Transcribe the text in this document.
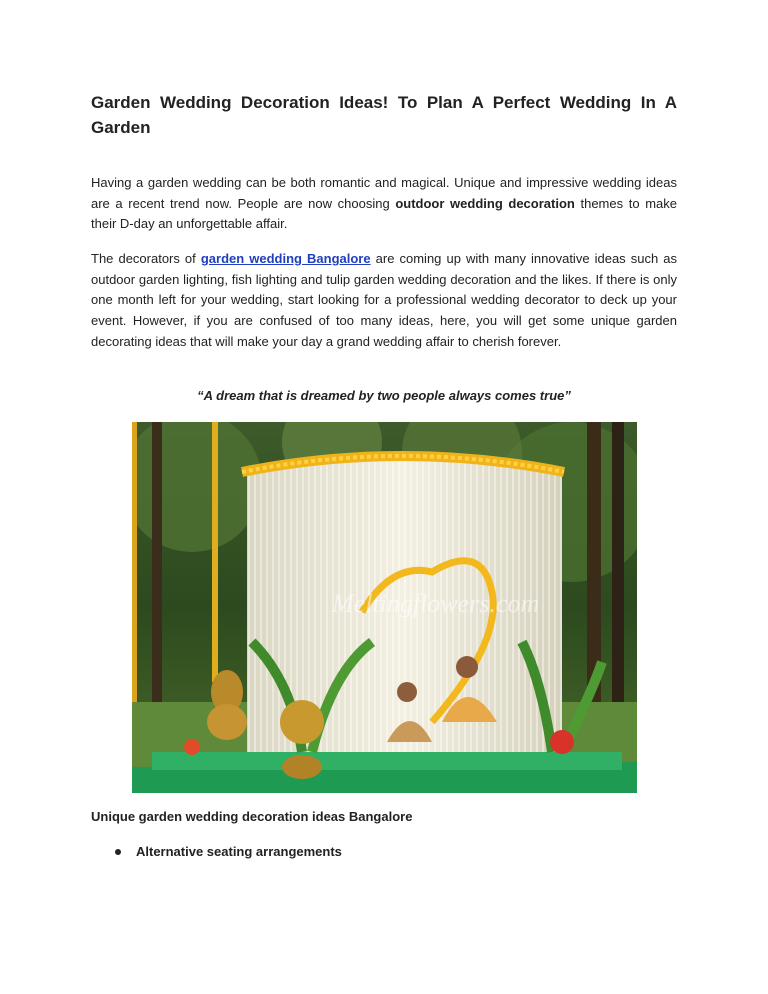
Garden Wedding Decoration Ideas! To Plan A Perfect Wedding In A Garden

Having a garden wedding can be both romantic and magical. Unique and impressive wedding ideas are a recent trend now. People are now choosing outdoor wedding decoration themes to make their D-day an unforgettable affair.

The decorators of garden wedding Bangalore are coming up with many innovative ideas such as outdoor garden lighting, fish lighting and tulip garden wedding decoration and the likes. If there is only one month left for your wedding, start looking for a professional wedding decorator to deck up your event. However, if you are confused of too many ideas, here, you will get some unique garden decorating ideas that will make your day a grand wedding affair to cherish forever.

“A dream that is dreamed by two people always comes true”

Meltingflowers.com

Unique garden wedding decoration ideas Bangalore

Alternative seating arrangements
